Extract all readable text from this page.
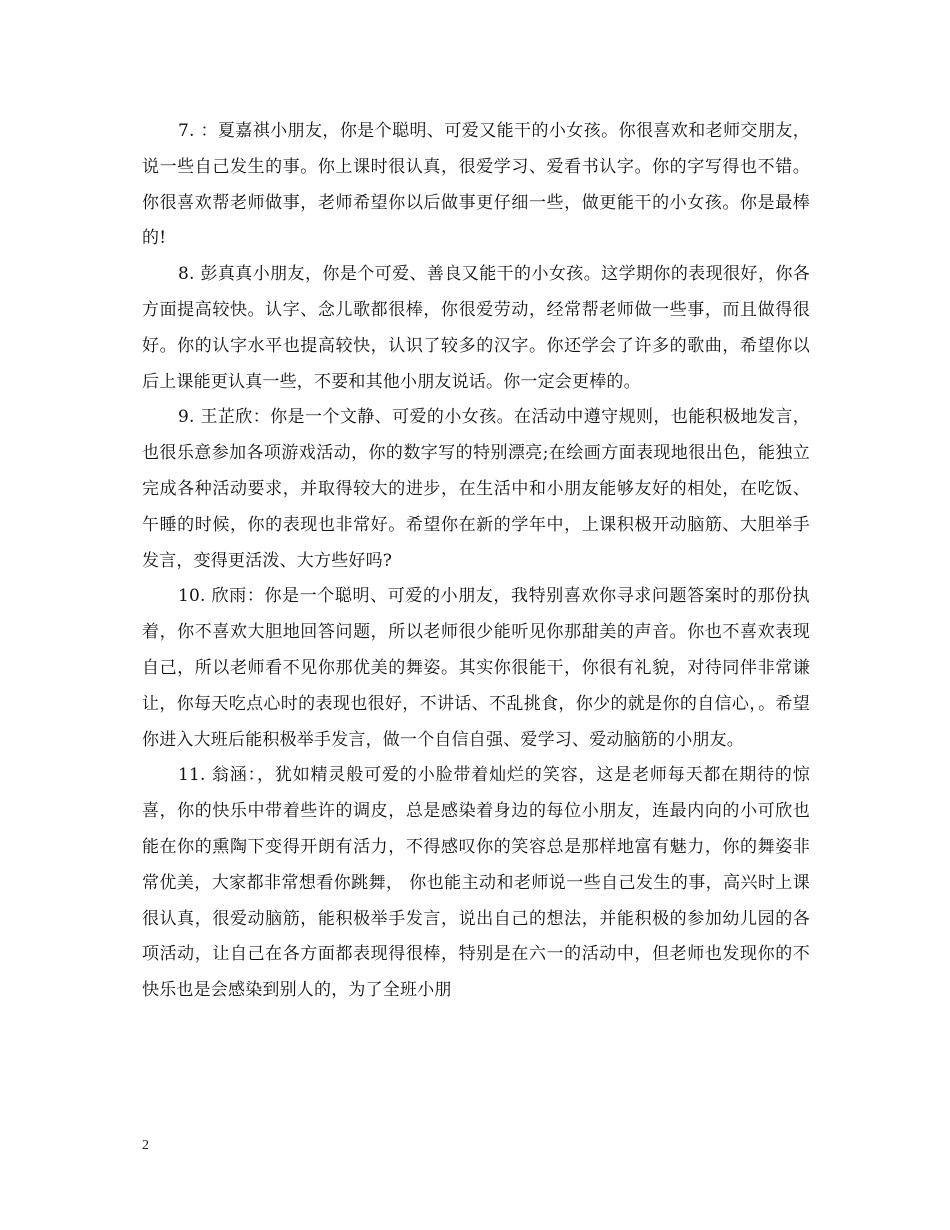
7. ：夏嘉祺小朋友，你是个聪明、可爱又能干的小女孩。你很喜欢和老师交朋友，说一些自己发生的事。你上课时很认真，很爱学习、爱看书认字。你的字写得也不错。你很喜欢帮老师做事，老师希望你以后做事更仔细一些，做更能干的小女孩。你是最棒的!

8. 彭真真小朋友，你是个可爱、善良又能干的小女孩。这学期你的表现很好，你各方面提高较快。认字、念儿歌都很棒，你很爱劳动，经常帮老师做一些事，而且做得很好。你的认字水平也提高较快，认识了较多的汉字。你还学会了许多的歌曲，希望你以后上课能更认真一些，不要和其他小朋友说话。你一定会更棒的。

9. 王芷欣：你是一个文静、可爱的小女孩。在活动中遵守规则，也能积极地发言，也很乐意参加各项游戏活动，你的数字写的特别漂亮;在绘画方面表现地很出色，能独立完成各种活动要求，并取得较大的进步，在生活中和小朋友能够友好的相处，在吃饭、午睡的时候，你的表现也非常好。希望你在新的学年中，上课积极开动脑筋、大胆举手发言，变得更活泼、大方些好吗?

10. 欣雨：你是一个聪明、可爱的小朋友，我特别喜欢你寻求问题答案时的那份执着，你不喜欢大胆地回答问题，所以老师很少能听见你那甜美的声音。你也不喜欢表现自己，所以老师看不见你那优美的舞姿。其实你很能干，你很有礼貌，对待同伴非常谦让，你每天吃点心时的表现也很好，不讲话、不乱挑食，你少的就是你的自信心，。希望你进入大班后能积极举手发言，做一个自信自强、爱学习、爱动脑筋的小朋友。

11. 翁涵：，犹如精灵般可爱的小脸带着灿烂的笑容，这是老师每天都在期待的惊喜，你的快乐中带着些许的调皮，总是感染着身边的每位小朋友，连最内向的小可欣也能在你的熏陶下变得开朗有活力，不得感叹你的笑容总是那样地富有魅力，你的舞姿非常优美，大家都非常想看你跳舞， 你也能主动和老师说一些自己发生的事，高兴时上课很认真，很爱动脑筋，能积极举手发言，说出自己的想法，并能积极的参加幼儿园的各项活动，让自己在各方面都表现得很棒，特别是在六一的活动中，但老师也发现你的不快乐也是会感染到别人的，为了全班小朋

2
